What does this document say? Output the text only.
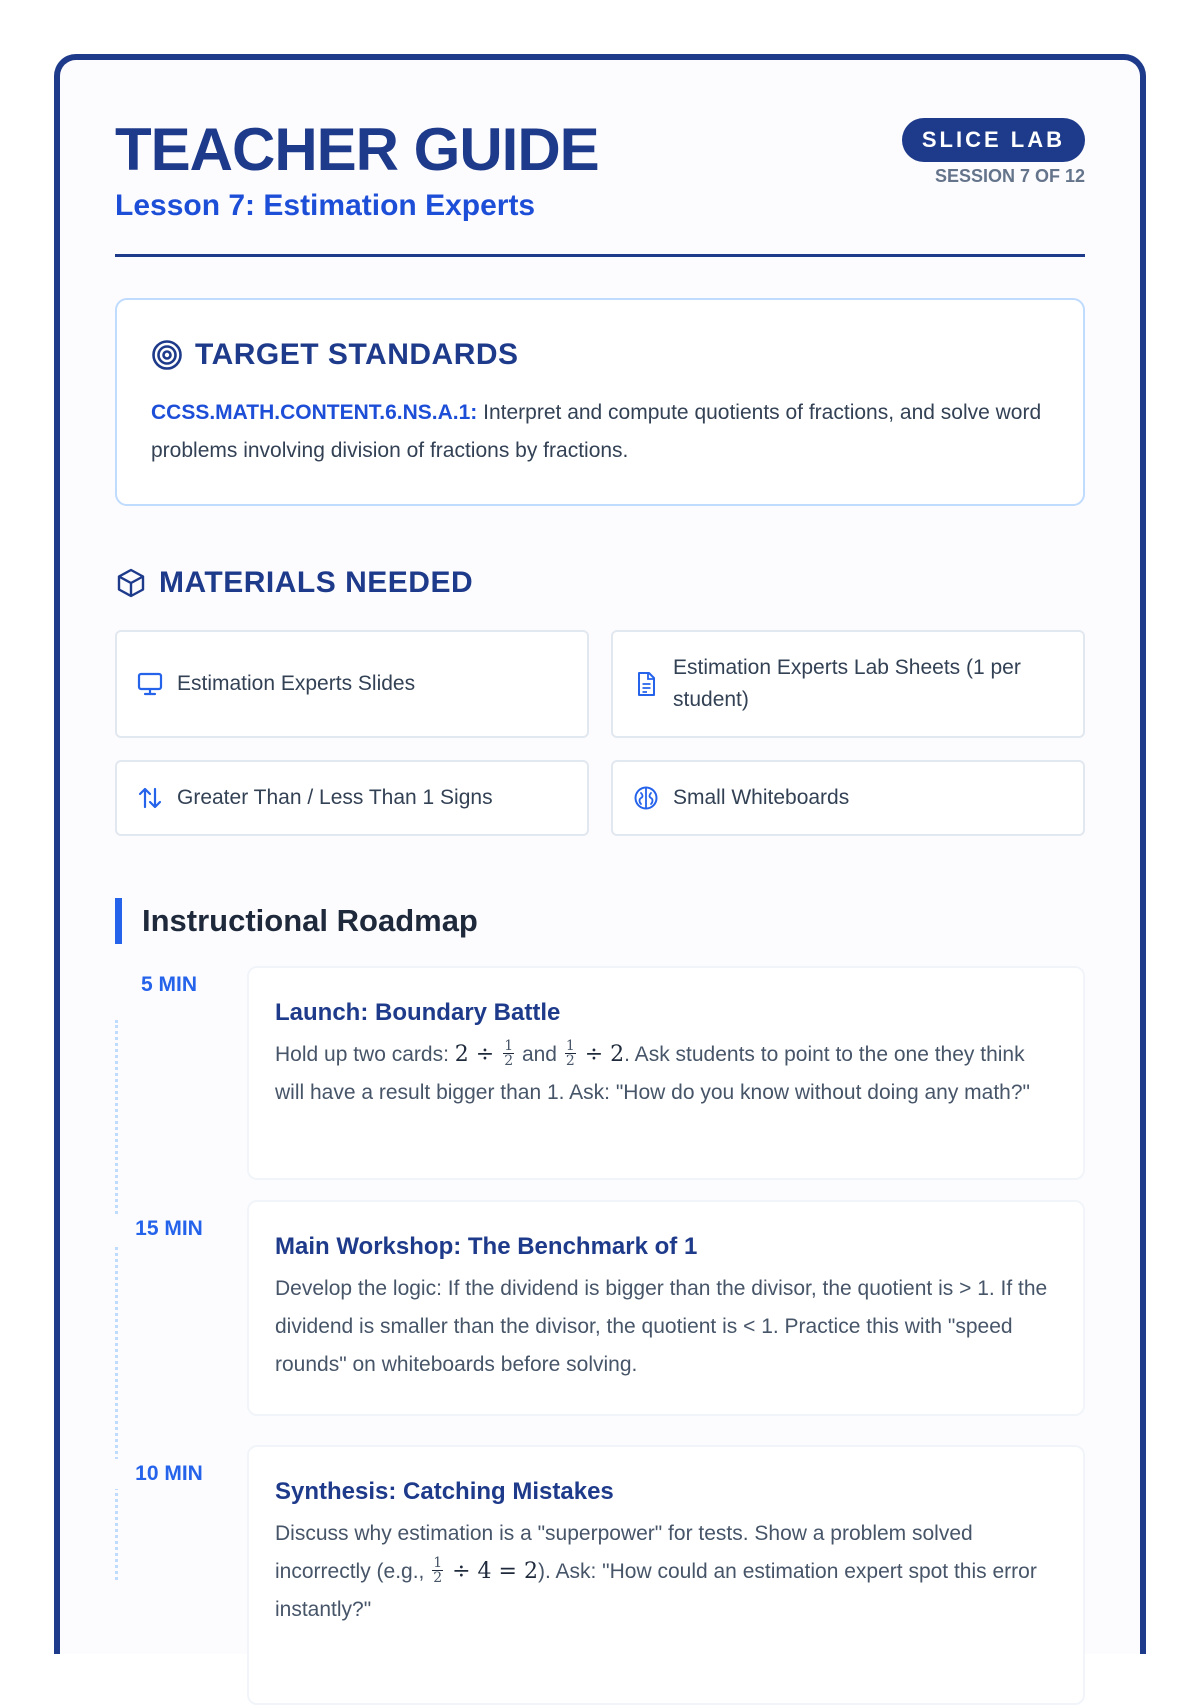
TEACHER GUIDE
Lesson 7: Estimation Experts
SLICE LAB
SESSION 7 OF 12
TARGET STANDARDS
CCSS.MATH.CONTENT.6.NS.A.1: Interpret and compute quotients of fractions, and solve word problems involving division of fractions by fractions.
MATERIALS NEEDED
Estimation Experts Slides
Estimation Experts Lab Sheets (1 per student)
Greater Than / Less Than 1 Signs	Small Whiteboards
Instructional Roadmap
5 MIN
Launch: Boundary Battle
Hold up two cards: $2 \div \frac{1}{2}$ and $\frac{1}{2} \div 2$. Ask students to point to the one they think will have a result bigger than 1. Ask: "How do you know without doing any math?"
15 MIN
Main Workshop: The Benchmark of 1
Develop the logic: If the dividend is bigger than the divisor, the quotient is > 1. If the dividend is smaller than the divisor, the quotient is < 1. Practice this with "speed rounds" on whiteboards before solving.
10 MIN
Synthesis: Catching Mistakes
Discuss why estimation is a "superpower" for tests. Show a problem solved incorrectly (e.g., $\frac{1}{2} \div 4 = 2$). Ask: "How could an estimation expert spot this error instantly?"
